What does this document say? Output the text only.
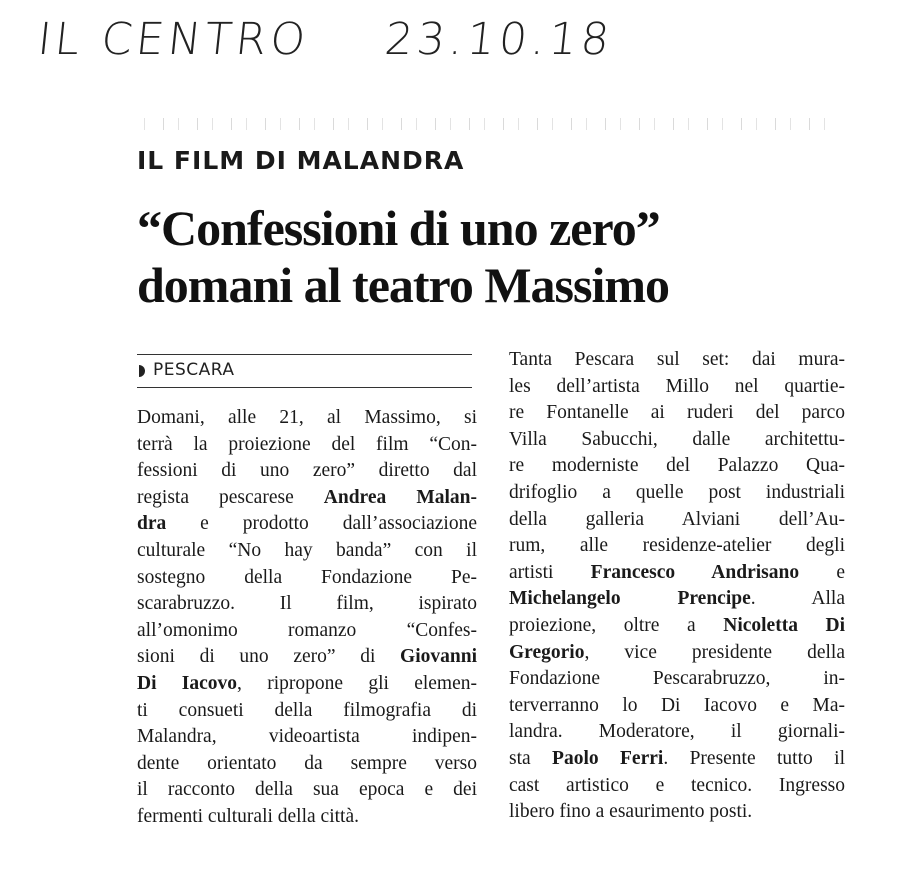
IL CENTRO 23.10.18
IL FILM DI MALANDRA
“Confessioni di uno zero”
domani al teatro Massimo
PESCARA
Domani, alle 21, al Massimo, si
terrà la proiezione del film “Con-
fessioni di uno zero” diretto dal
regista pescarese Andrea Malan-
dra e prodotto dall’associazione
culturale “No hay banda” con il
sostegno della Fondazione Pe-
scarabruzzo. Il film, ispirato
all’omonimo romanzo “Confes-
sioni di uno zero” di Giovanni
Di Iacovo, ripropone gli elemen-
ti consueti della filmografia di
Malandra, videoartista indipen-
dente orientato da sempre verso
il racconto della sua epoca e dei
fermenti culturali della città.
Tanta Pescara sul set: dai mura-
les dell’artista Millo nel quartie-
re Fontanelle ai ruderi del parco
Villa Sabucchi, dalle architettu-
re moderniste del Palazzo Qua-
drifoglio a quelle post industriali
della galleria Alviani dell’Au-
rum, alle residenze-atelier degli
artisti Francesco Andrisano e
Michelangelo Prencipe. Alla
proiezione, oltre a Nicoletta Di
Gregorio, vice presidente della
Fondazione Pescarabruzzo, in-
terverranno lo Di Iacovo e Ma-
landra. Moderatore, il giornali-
sta Paolo Ferri. Presente tutto il
cast artistico e tecnico. Ingresso
libero fino a esaurimento posti.
